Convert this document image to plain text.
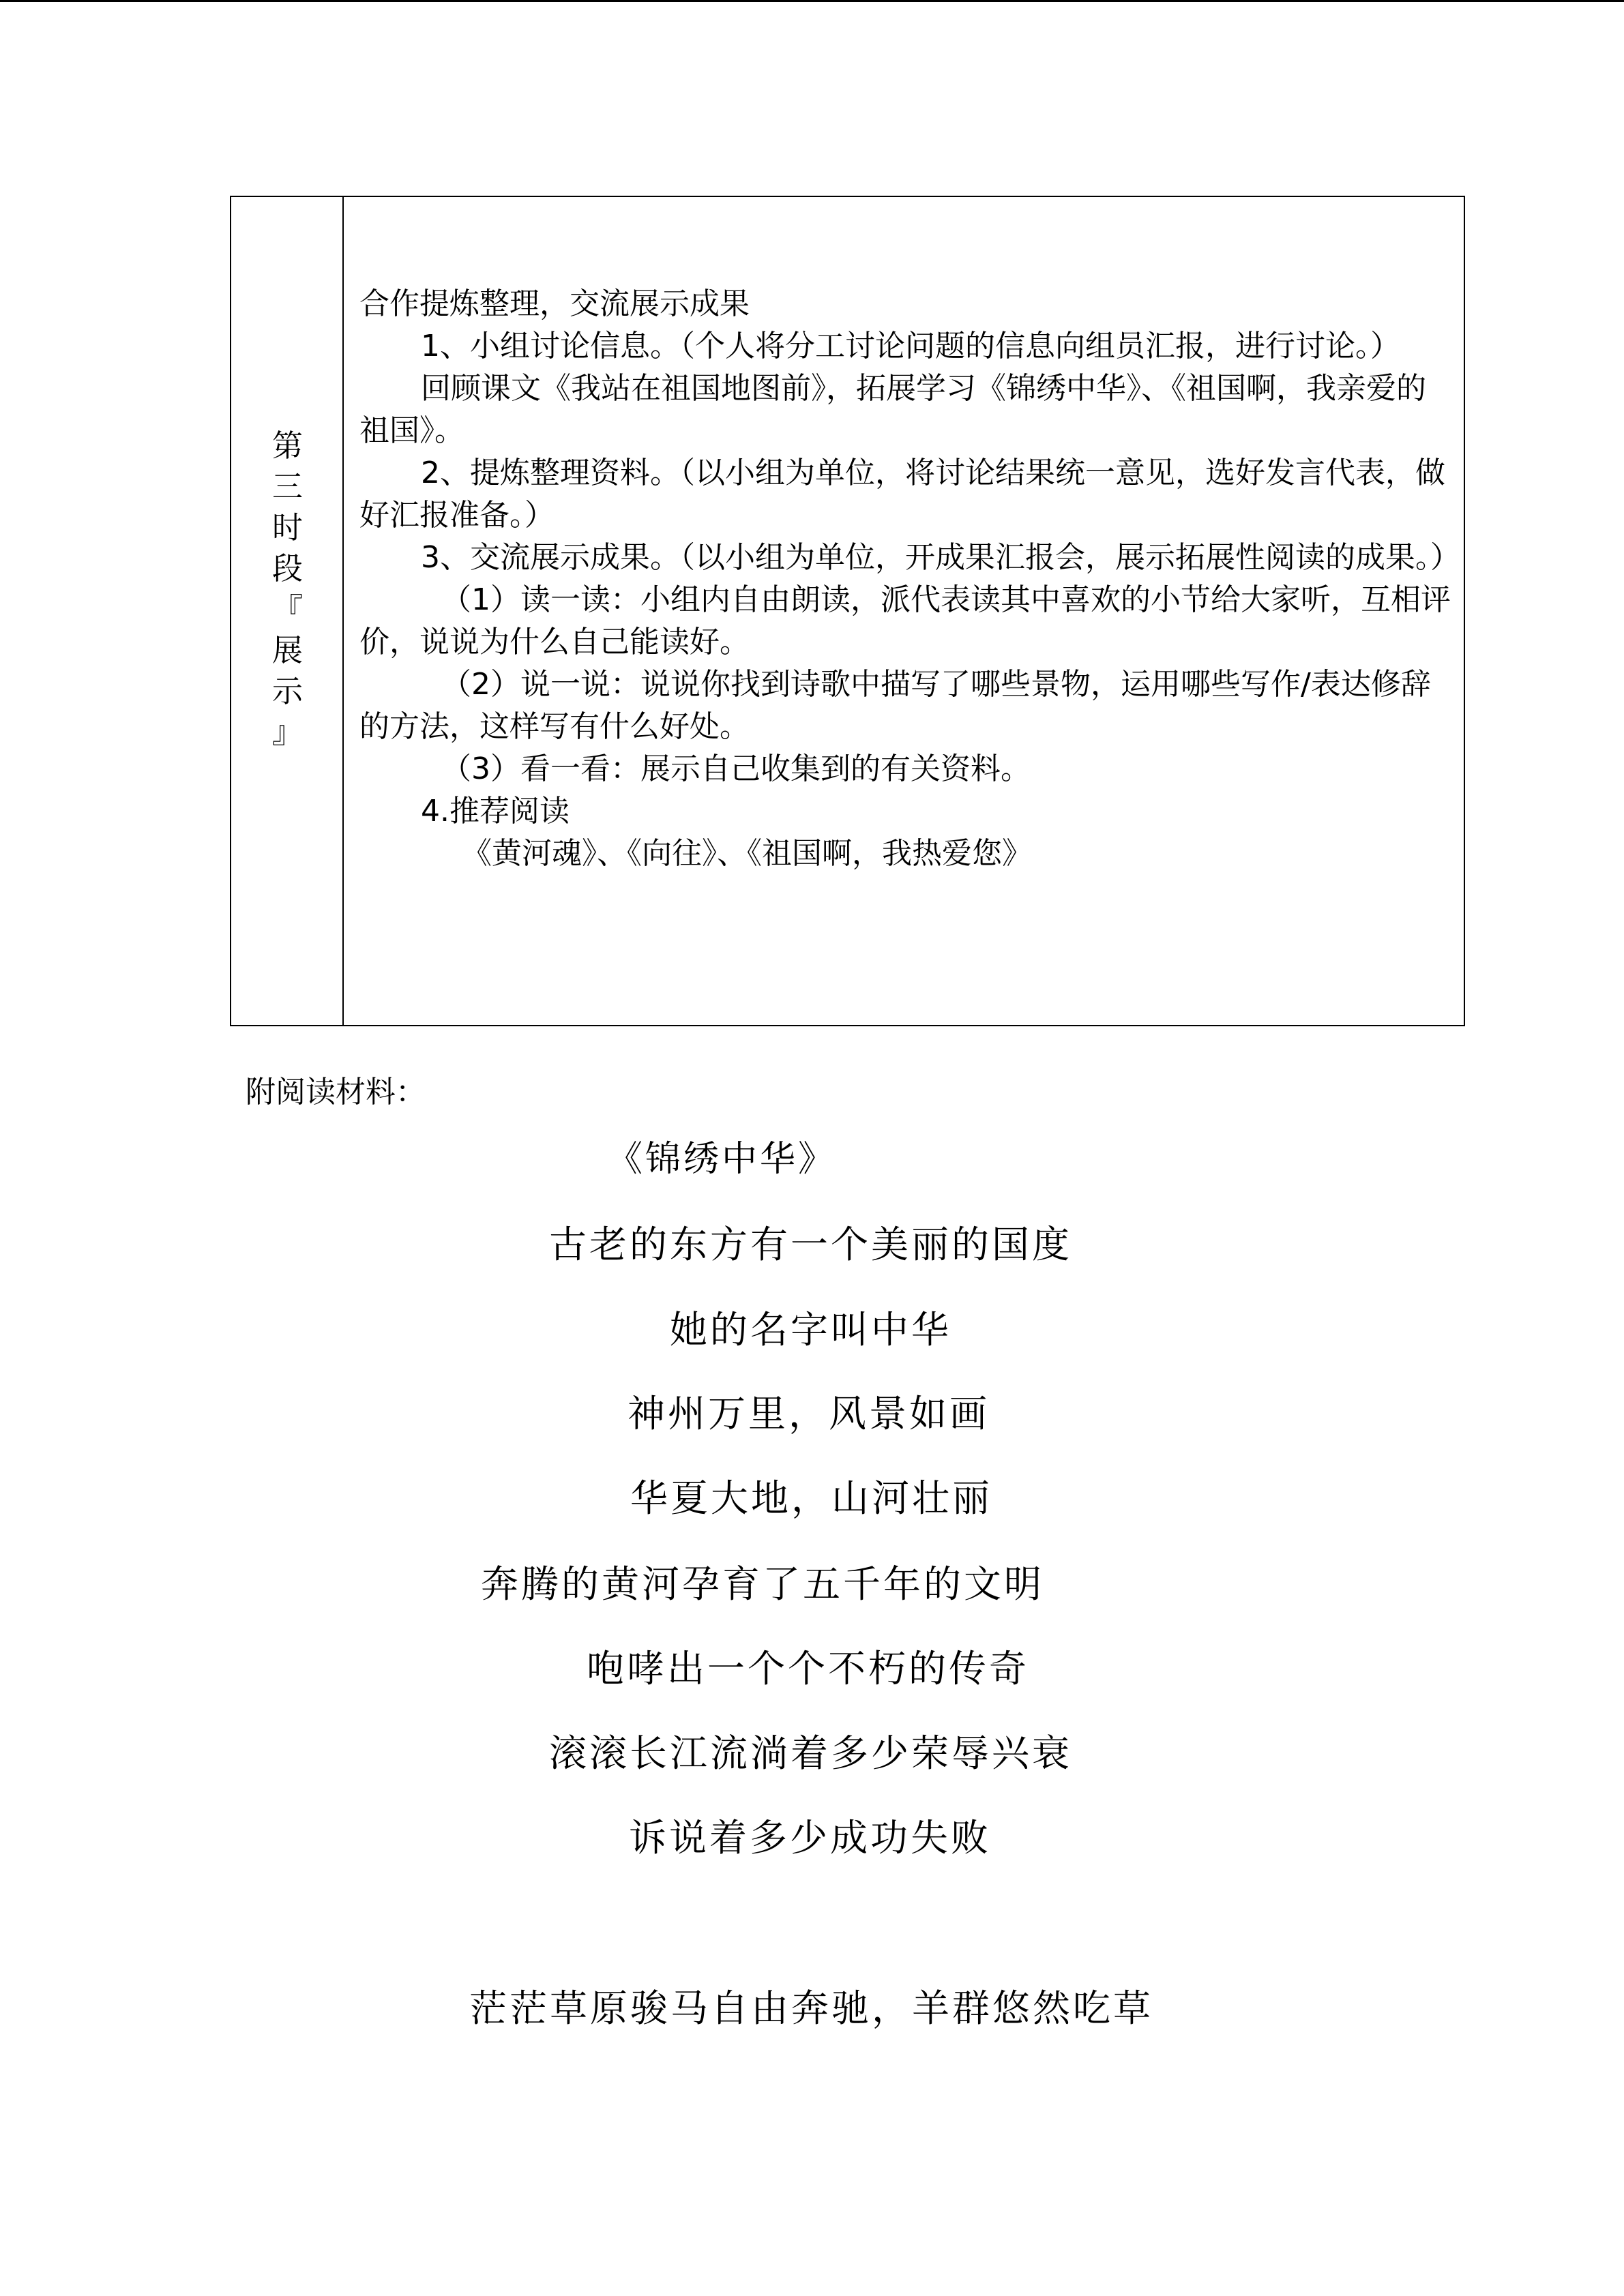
第
三
时
段
『
展
示
』

合作提炼整理，交流展示成果

1、小组讨论信息。（个人将分工讨论问题的信息向组员汇报，进行讨论。）

回顾课文《我站在祖国地图前》，拓展学习《锦绣中华》、《祖国啊，我亲爱的祖国》。

2、提炼整理资料。（以小组为单位，将讨论结果统一意见，选好发言代表，做好汇报准备。）

3、交流展示成果。（以小组为单位，开成果汇报会，展示拓展性阅读的成果。）

（1）读一读：小组内自由朗读，派代表读其中喜欢的小节给大家听，互相评价，说说为什么自己能读好。

（2）说一说：说说你找到诗歌中描写了哪些景物，运用哪些写作/表达修辞的方法，这样写有什么好处。

（3）看一看：展示自己收集到的有关资料。

4.推荐阅读

《黄河魂》、《向往》、《祖国啊，我热爱您》

附阅读材料：
《锦绣中华》
古老的东方有一个美丽的国度
她的名字叫中华
神州万里，风景如画
华夏大地，山河壮丽
奔腾的黄河孕育了五千年的文明
咆哮出一个个不朽的传奇
滚滚长江流淌着多少荣辱兴衰
诉说着多少成功失败
茫茫草原骏马自由奔驰，羊群悠然吃草
